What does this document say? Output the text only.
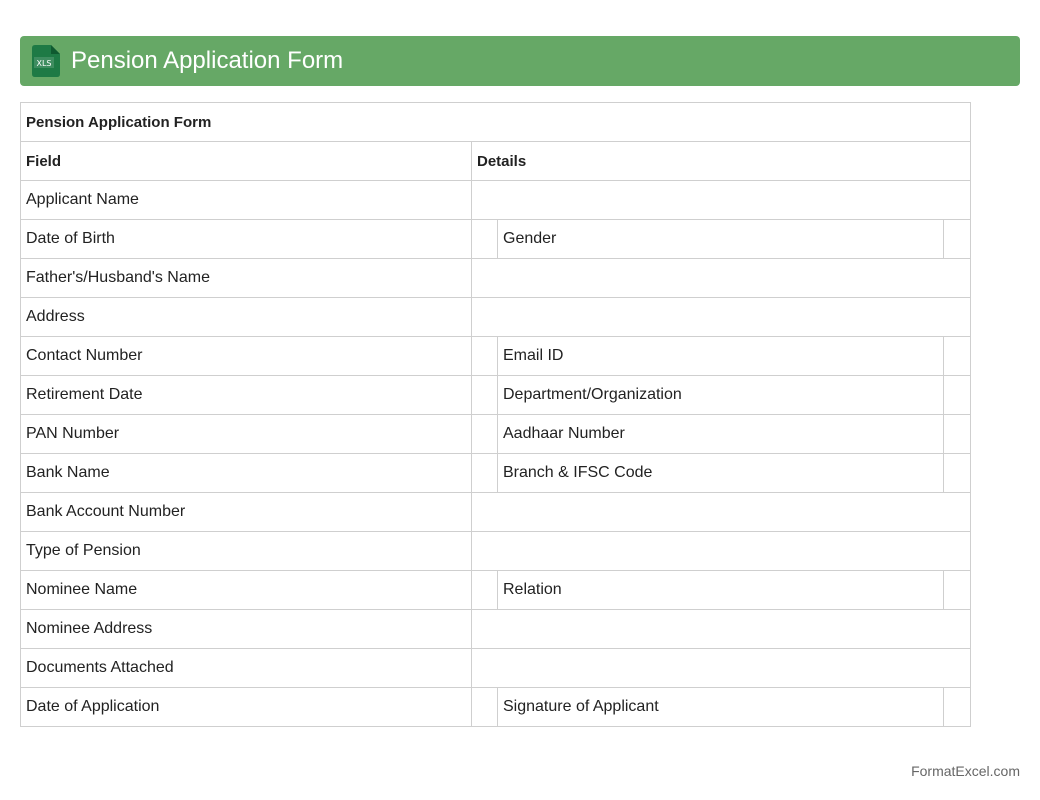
XLS Pension Application Form
Pension Application Form			
Field	Details		
Applicant Name			
Date of Birth		Gender	
Father's/Husband's Name			
Address			
Contact Number		Email ID	
Retirement Date		Department/Organization	
PAN Number		Aadhaar Number	
Bank Name		Branch & IFSC Code	
Bank Account Number			
Type of Pension			
Nominee Name		Relation	
Nominee Address			
Documents Attached			
Date of Application		Signature of Applicant	
FormatExcel.com
